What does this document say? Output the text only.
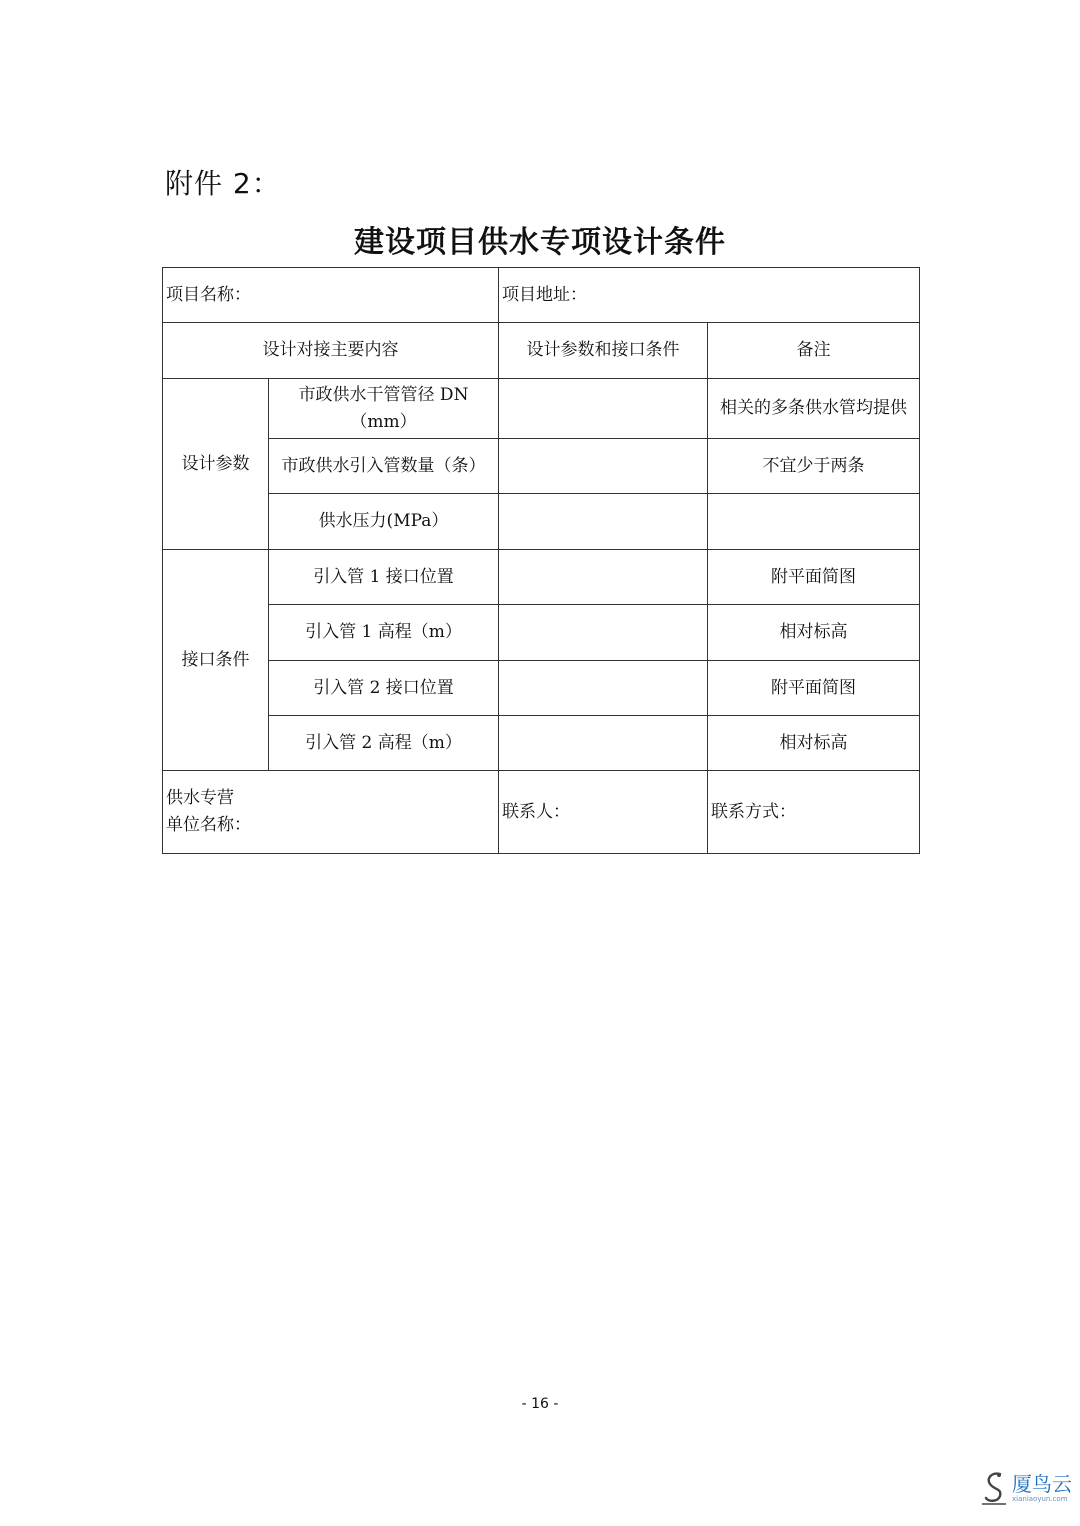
附件 2：
建设项目供水专项设计条件
项目名称：		项目地址：	
设计对接主要内容		设计参数和接口条件	备注
设计参数	市政供水干管管径 DN（mm）		相关的多条供水管均提供
	市政供水引入管数量（条）		不宜少于两条
	供水压力(MPa）		
接口条件	引入管 1 接口位置		附平面简图
	引入管 1 高程（m）		相对标高
	引入管 2 接口位置		附平面简图
	引入管 2 高程（m）		相对标高

供水专营
单位名称：		联系人：	联系方式：
- 16 -
厦鸟云
xianiaoyun.com
